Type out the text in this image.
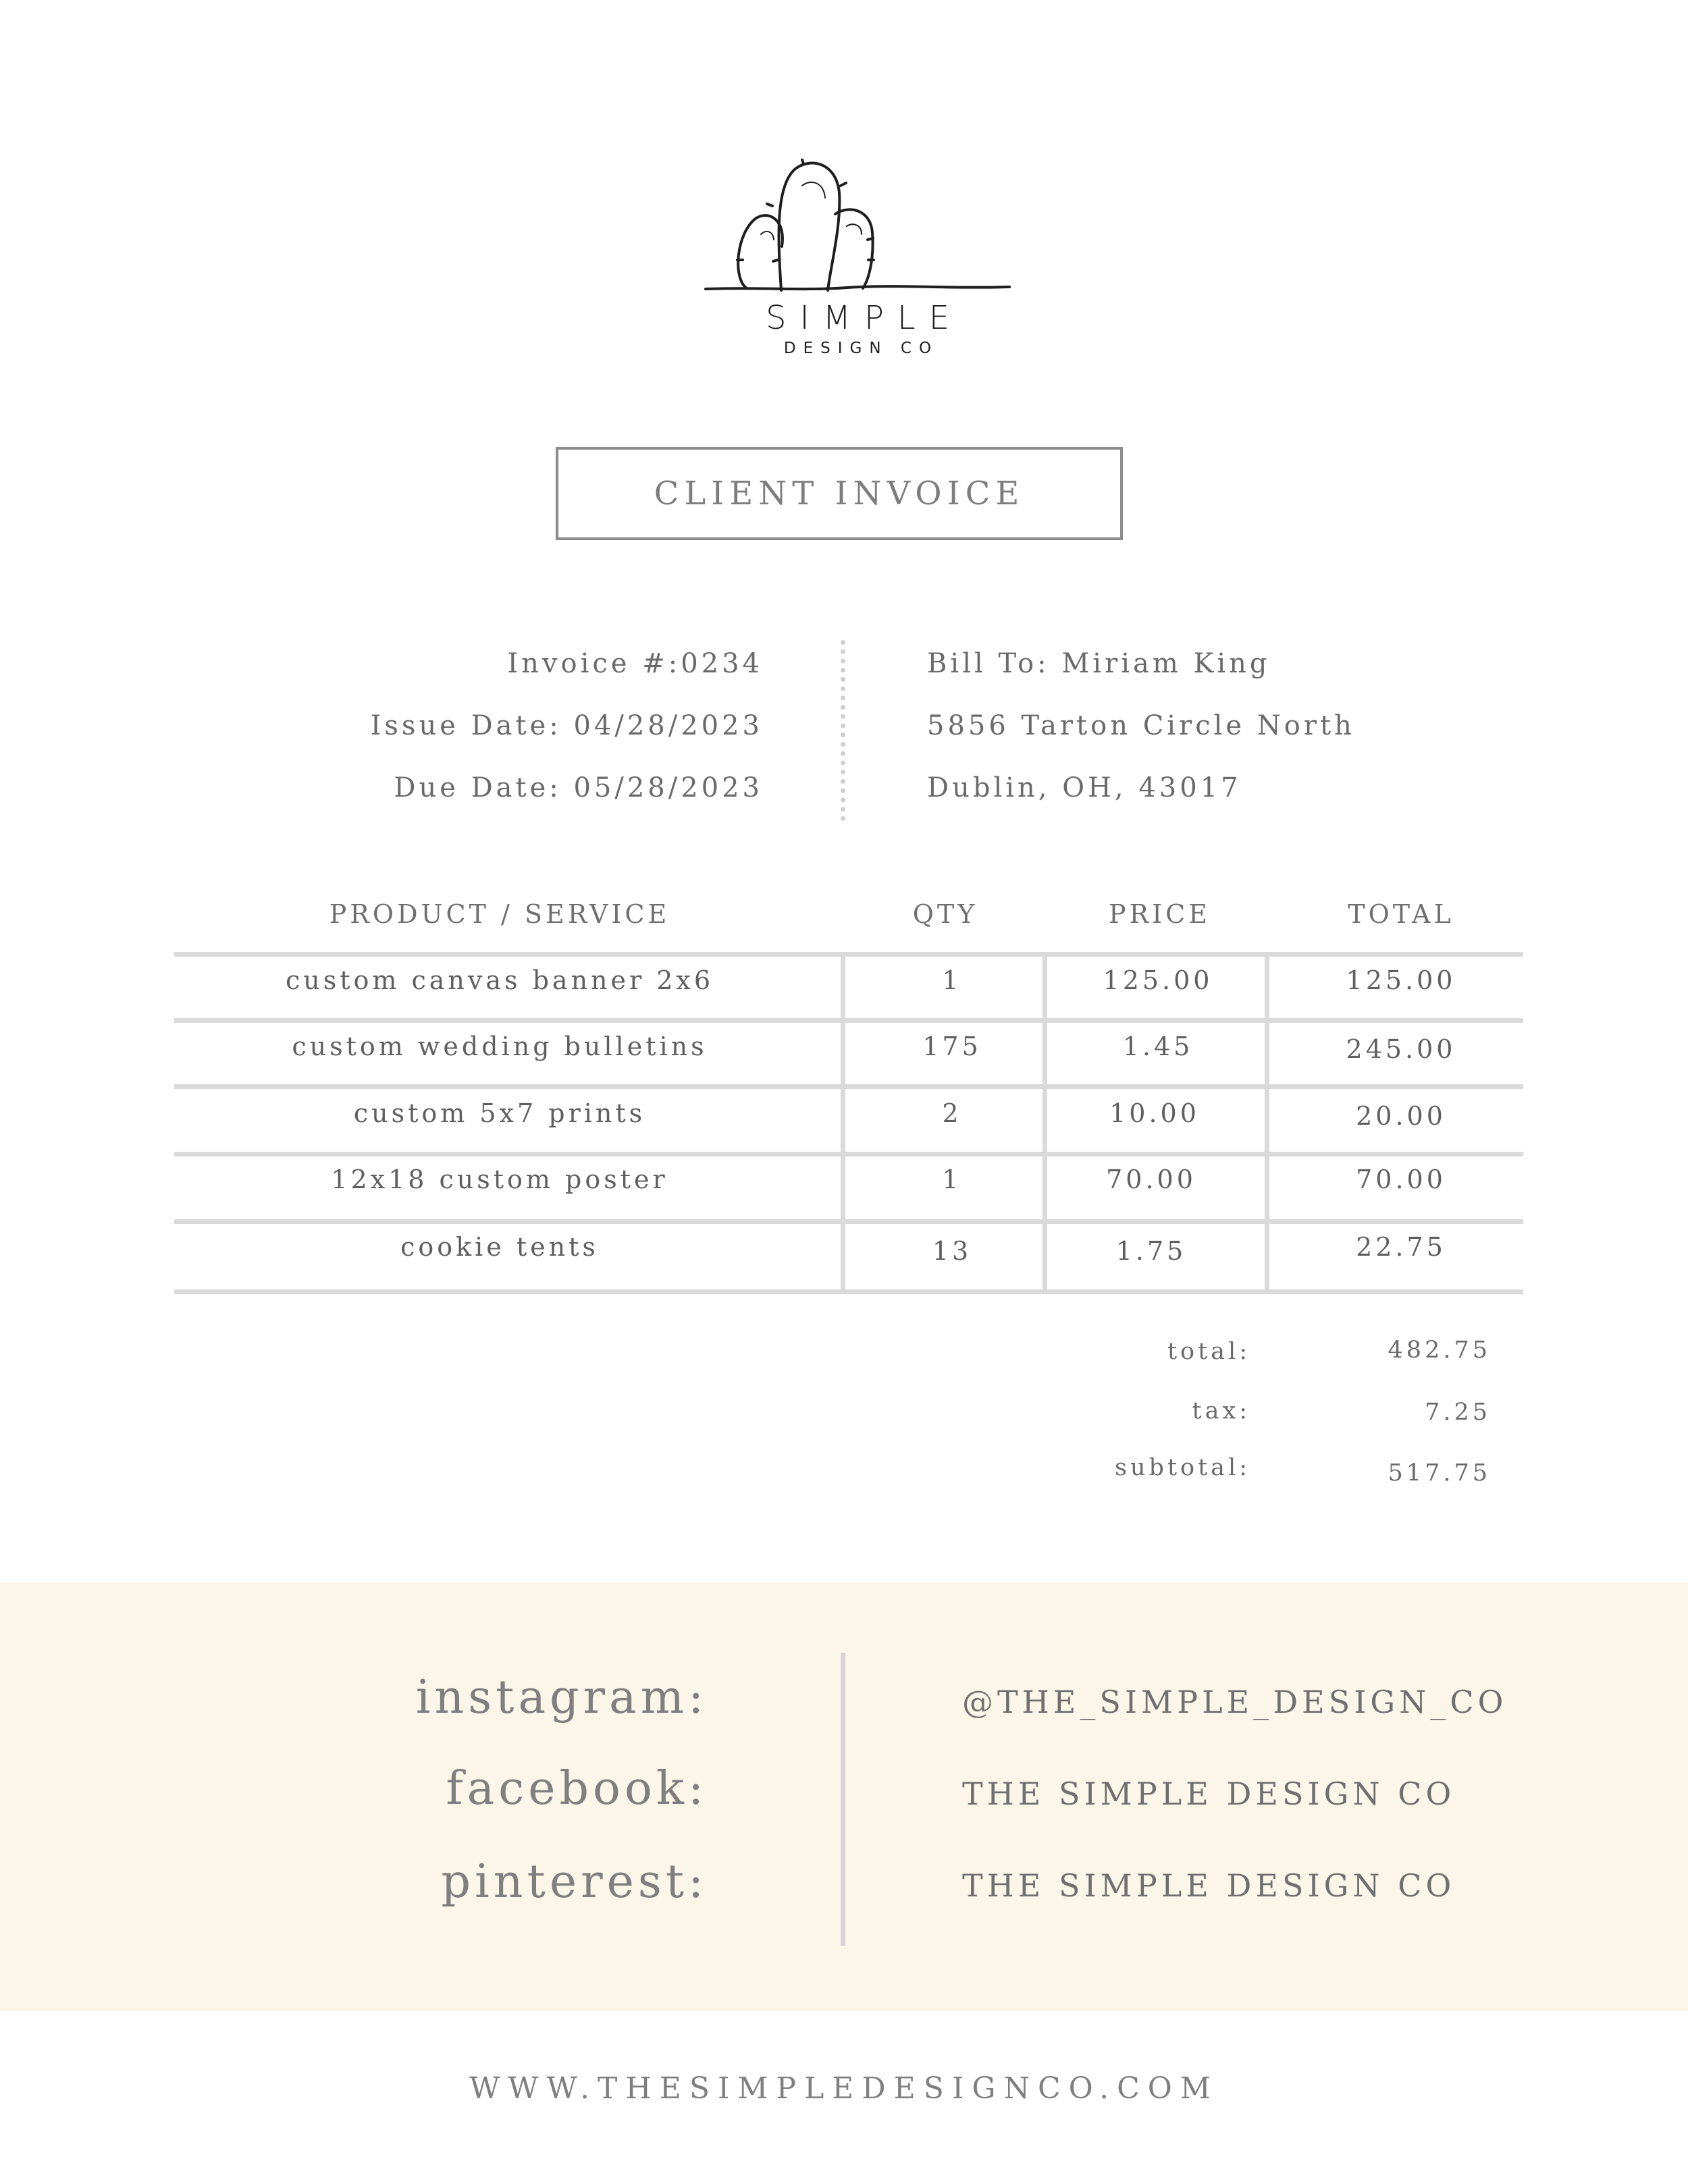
SIMPLE
DESIGN CO
CLIENT INVOICE
Invoice #:0234
Issue Date: 04/28/2023
Due Date: 05/28/2023
Bill To: Miriam King
5856 Tarton Circle North
Dublin, OH, 43017
PRODUCT / SERVICE	QTY	PRICE	TOTAL
custom canvas banner 2x6	1	125.00	125.00
custom wedding bulletins	175	1.45	245.00
custom 5x7 prints	2	10.00	20.00
12x18 custom poster	1	70.00	70.00
cookie tents	13	1.75	22.75
total:	482.75
tax:	7.25
subtotal:	517.75
instagram:	@THE_SIMPLE_DESIGN_CO
facebook:	THE SIMPLE DESIGN CO
pinterest:	THE SIMPLE DESIGN CO
WWW.THESIMPLEDESIGNCO.COM
